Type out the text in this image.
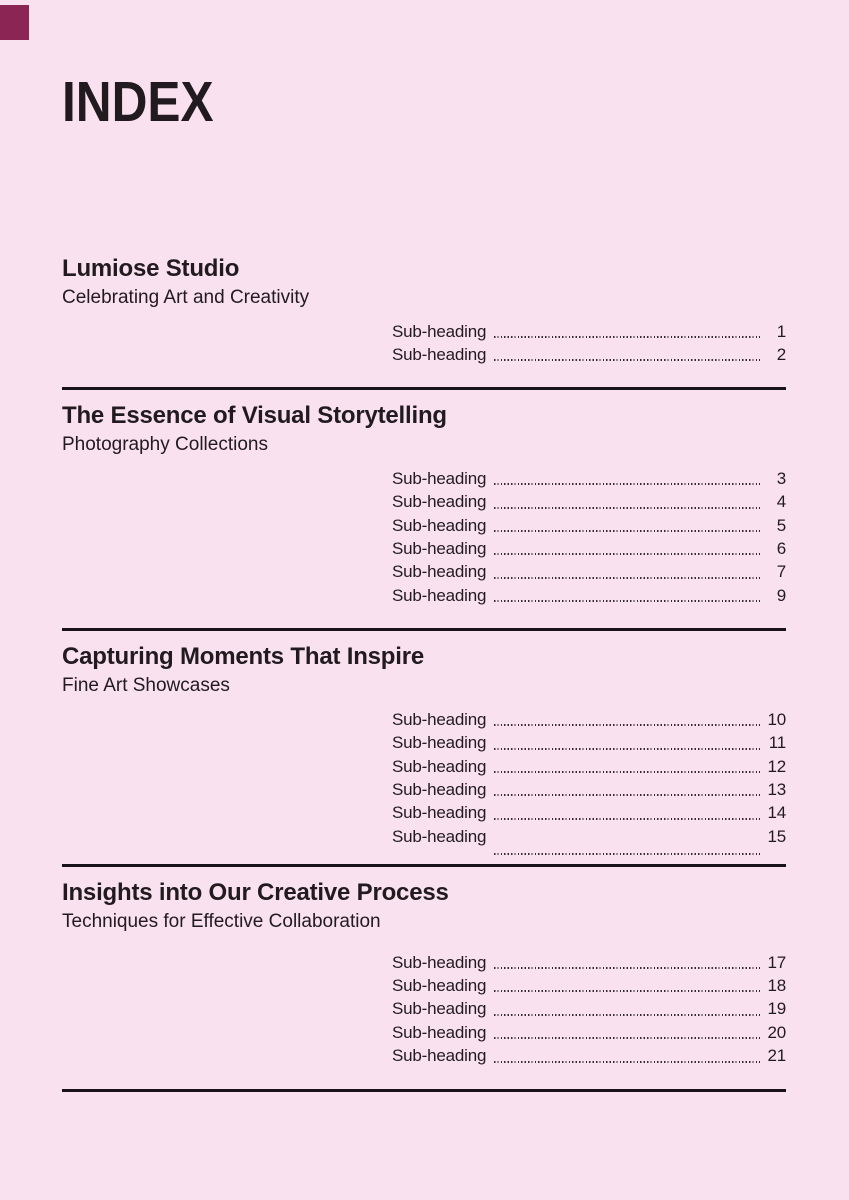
INDEX
Lumiose Studio

Celebrating Art and Creativity

Sub-heading	1
Sub-heading	2
The Essence of Visual Storytelling

Photography Collections

Sub-heading	3
Sub-heading	4
Sub-heading	5
Sub-heading	6
Sub-heading	7
Sub-heading	9
Capturing Moments That Inspire

Fine Art Showcases

Sub-heading	10
Sub-heading	11
Sub-heading	12
Sub-heading	13
Sub-heading	14
Sub-heading	15
Insights into Our Creative Process

Techniques for Effective Collaboration

Sub-heading	17
Sub-heading	18
Sub-heading	19
Sub-heading	20
Sub-heading	21
